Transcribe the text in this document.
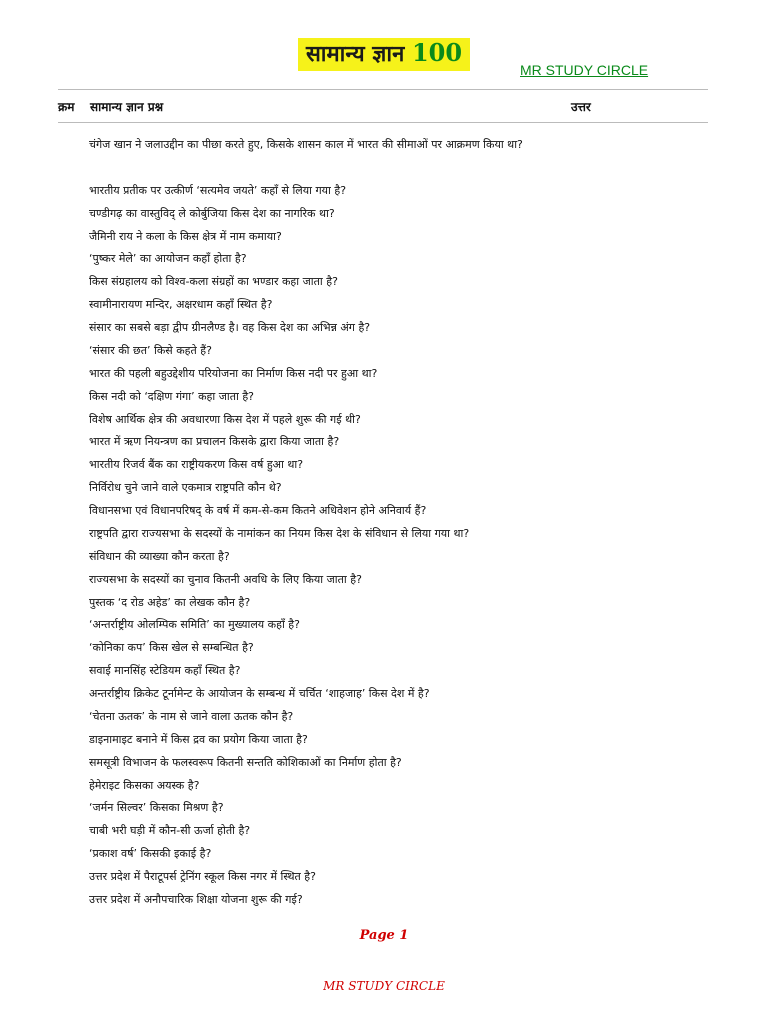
सामान्य ज्ञान 100
MR STUDY CIRCLE
क्रम सामान्य ज्ञान प्रश्न	उत्तर
चंगेज खान ने जलाउद्दीन का पीछा करते हुए, किसके शासन काल में भारत की सीमाओं पर आक्रमण किया था?
भारतीय प्रतीक पर उत्कीर्ण ‘सत्यमेव जयते’ कहाँ से लिया गया है?
चण्डीगढ़ का वास्तुविद् ले कोर्बुजिया किस देश का नागरिक था?
जैमिनी राय ने कला के किस क्षेत्र में नाम कमाया?
‘पुष्कर मेले’ का आयोजन कहाँ होता है?
किस संग्रहालय को विश्व-कला संग्रहों का भण्डार कहा जाता है?
स्वामीनारायण मन्दिर, अक्षरधाम कहाँ स्थित है?
संसार का सबसे बड़ा द्वीप ग्रीनलैण्ड है। वह किस देश का अभिन्न अंग है?
‘संसार की छत’ किसे कहते हैं?
भारत की पहली बहुउद्देशीय परियोजना का निर्माण किस नदी पर हुआ था?
किस नदी को ‘दक्षिण गंगा’ कहा जाता है?
विशेष आर्थिक क्षेत्र की अवधारणा किस देश में पहले शुरू की गई थी?
भारत में ऋण नियन्त्रण का प्रचालन किसके द्वारा किया जाता है?
भारतीय रिजर्व बैंक का राष्ट्रीयकरण किस वर्ष हुआ था?
निर्विरोध चुने जाने वाले एकमात्र राष्ट्रपति कौन थे?
विधानसभा एवं विधानपरिषद् के वर्ष में कम-से-कम कितने अधिवेशन होने अनिवार्य हैं?
राष्ट्रपति द्वारा राज्यसभा के सदस्यों के नामांकन का नियम किस देश के संविधान से लिया गया था?
संविधान की व्याख्या कौन करता है?
राज्यसभा के सदस्यों का चुनाव कितनी अवधि के लिए किया जाता है?
पुस्तक ‘द रोड अहेड’ का लेखक कौन है?
‘अन्तर्राष्ट्रीय ओलम्पिक समिति’ का मुख्यालय कहाँ है?
‘कोनिका कप’ किस खेल से सम्बन्धित है?
सवाई मानसिंह स्टेडियम कहाँ स्थित है?
अन्तर्राष्ट्रीय क्रिकेट टूर्नामेन्ट के आयोजन के सम्बन्ध में चर्चित ‘शाहजाह’ किस देश में है?
‘चेतना ऊतक’ के नाम से जाने वाला ऊतक कौन है?
डाइनामाइट बनाने में किस द्रव का प्रयोग किया जाता है?
समसूत्री विभाजन के फलस्वरूप कितनी सन्तति कोशिकाओं का निर्माण होता है?
हेमेराइट किसका अयस्क है?
‘जर्मन सिल्वर’ किसका मिश्रण है?
चाबी भरी घड़ी में कौन-सी ऊर्जा होती है?
‘प्रकाश वर्ष’ किसकी इकाई है?
उत्तर प्रदेश में पैराटूपर्स ट्रेनिंग स्कूल किस नगर में स्थित है?
उत्तर प्रदेश में अनौपचारिक शिक्षा योजना शुरू की गई?
Page 1
MR STUDY CIRCLE
